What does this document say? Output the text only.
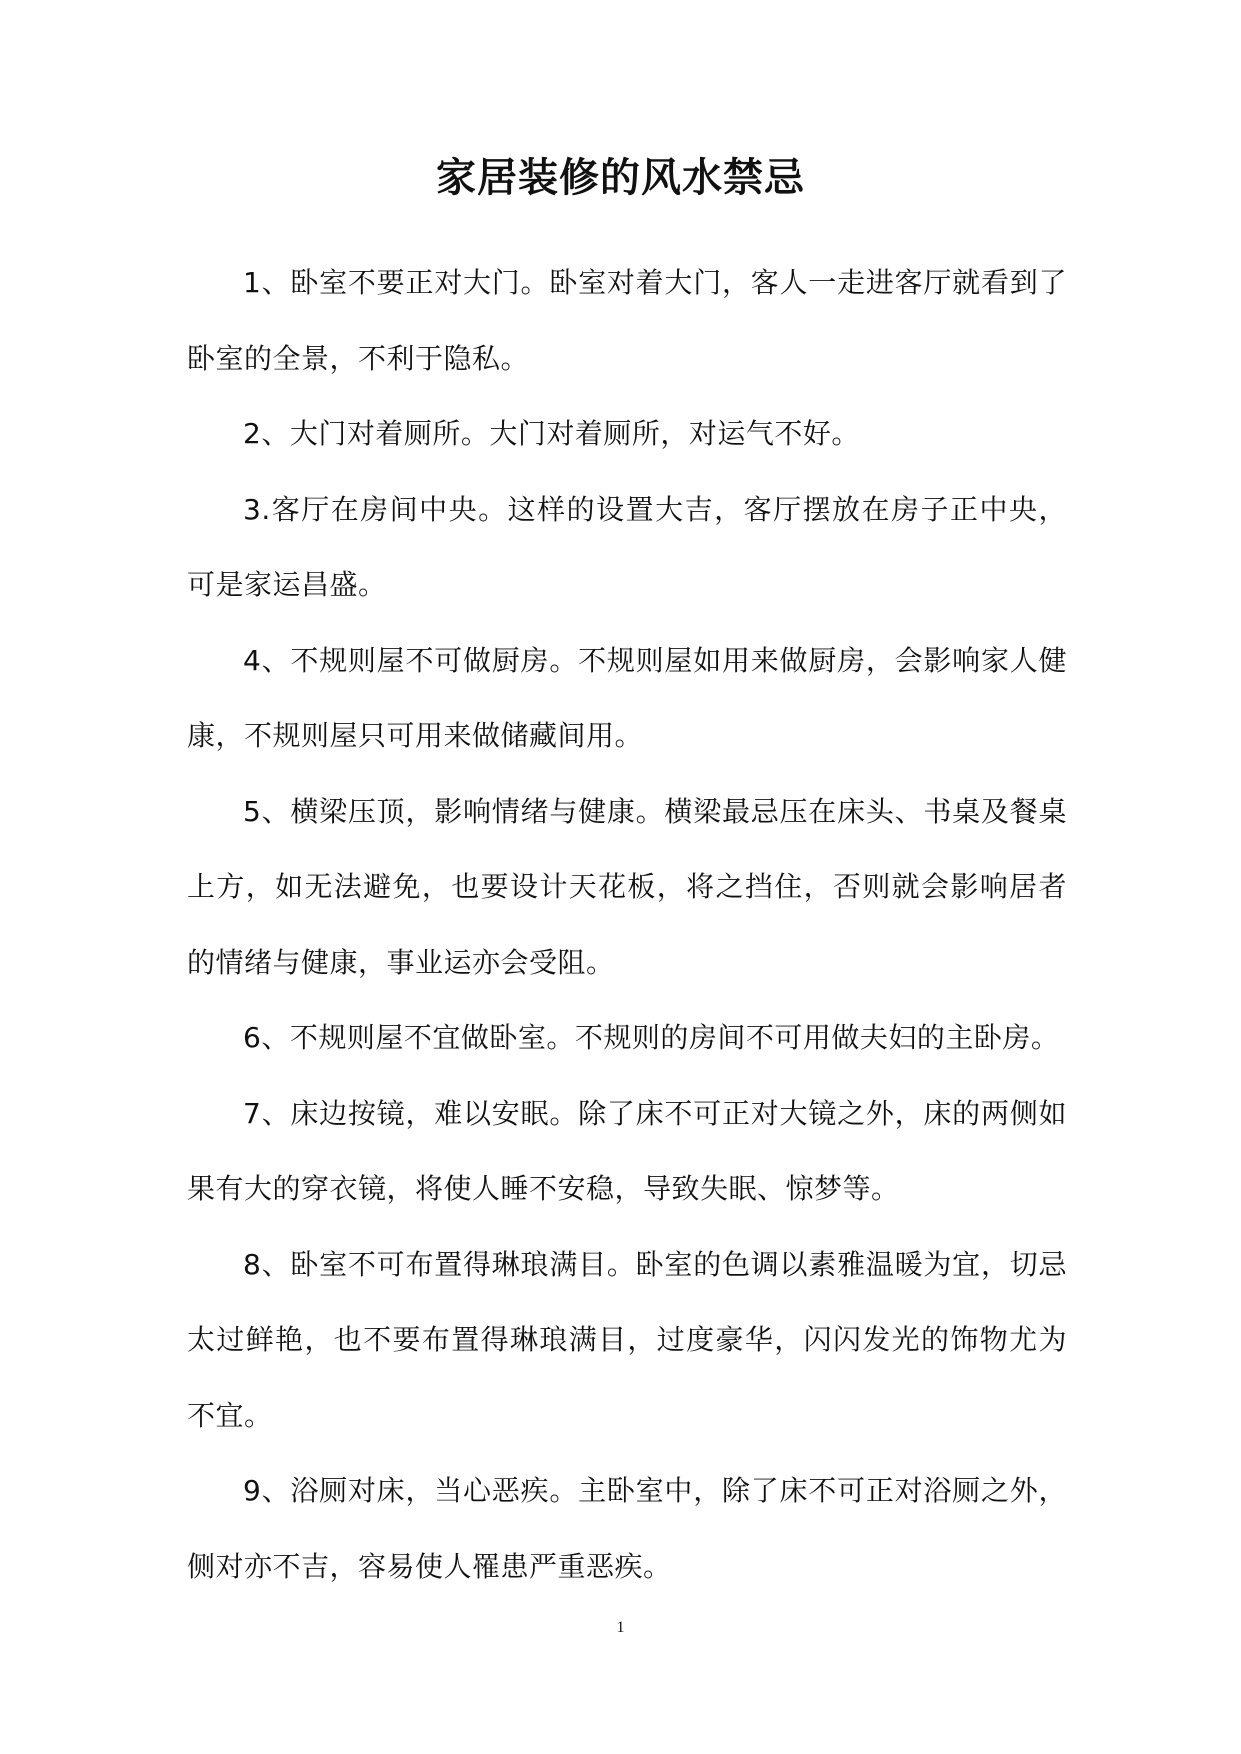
家居装修的风水禁忌

1、卧室不要正对大门。卧室对着大门，客人一走进客厅就看到了卧室的全景，不利于隐私。

2、大门对着厕所。大门对着厕所，对运气不好。

3.客厅在房间中央。这样的设置大吉，客厅摆放在房子正中央，可是家运昌盛。

4、不规则屋不可做厨房。不规则屋如用来做厨房，会影响家人健康，不规则屋只可用来做储藏间用。

5、横梁压顶，影响情绪与健康。横梁最忌压在床头、书桌及餐桌上方，如无法避免，也要设计天花板，将之挡住，否则就会影响居者的情绪与健康，事业运亦会受阻。

6、不规则屋不宜做卧室。不规则的房间不可用做夫妇的主卧房。

7、床边按镜，难以安眠。除了床不可正对大镜之外，床的两侧如果有大的穿衣镜，将使人睡不安稳，导致失眠、惊梦等。

8、卧室不可布置得琳琅满目。卧室的色调以素雅温暖为宜，切忌太过鲜艳，也不要布置得琳琅满目，过度豪华，闪闪发光的饰物尤为不宜。

9、浴厕对床，当心恶疾。主卧室中，除了床不可正对浴厕之外，侧对亦不吉，容易使人罹患严重恶疾。

1
